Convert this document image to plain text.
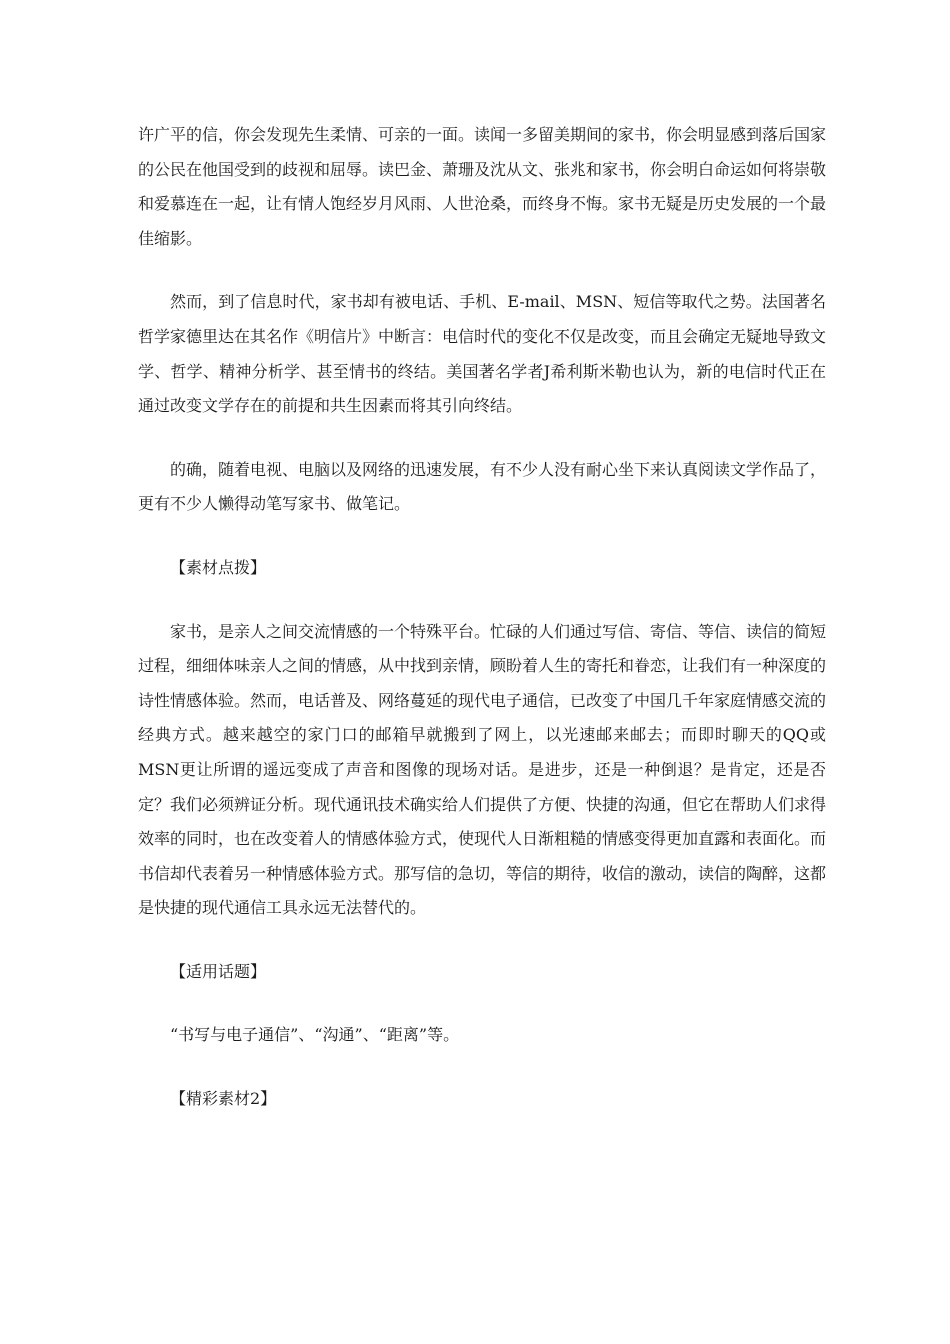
许广平的信，你会发现先生柔情、可亲的一面。读闻一多留美期间的家书，你会明显感到落后国家的公民在他国受到的歧视和屈辱。读巴金、萧珊及沈从文、张兆和家书，你会明白命运如何将崇敬和爱慕连在一起，让有情人饱经岁月风雨、人世沧桑，而终身不悔。家书无疑是历史发展的一个最佳缩影。

然而，到了信息时代，家书却有被电话、手机、E-mail、MSN、短信等取代之势。法国著名哲学家德里达在其名作《明信片》中断言：电信时代的变化不仅是改变，而且会确定无疑地导致文学、哲学、精神分析学、甚至情书的终结。美国著名学者J希利斯米勒也认为，新的电信时代正在通过改变文学存在的前提和共生因素而将其引向终结。

的确，随着电视、电脑以及网络的迅速发展，有不少人没有耐心坐下来认真阅读文学作品了，更有不少人懒得动笔写家书、做笔记。

【素材点拨】

家书，是亲人之间交流情感的一个特殊平台。忙碌的人们通过写信、寄信、等信、读信的简短过程，细细体味亲人之间的情感，从中找到亲情，顾盼着人生的寄托和眷恋，让我们有一种深度的诗性情感体验。然而，电话普及、网络蔓延的现代电子通信，已改变了中国几千年家庭情感交流的经典方式。越来越空的家门口的邮箱早就搬到了网上，以光速邮来邮去；而即时聊天的QQ或MSN更让所谓的遥远变成了声音和图像的现场对话。是进步，还是一种倒退？是肯定，还是否定？我们必须辨证分析。现代通讯技术确实给人们提供了方便、快捷的沟通，但它在帮助人们求得效率的同时，也在改变着人的情感体验方式，使现代人日渐粗糙的情感变得更加直露和表面化。而书信却代表着另一种情感体验方式。那写信的急切，等信的期待，收信的激动，读信的陶醉，这都是快捷的现代通信工具永远无法替代的。

【适用话题】

“书写与电子通信”、“沟通”、“距离”等。

【精彩素材2】
